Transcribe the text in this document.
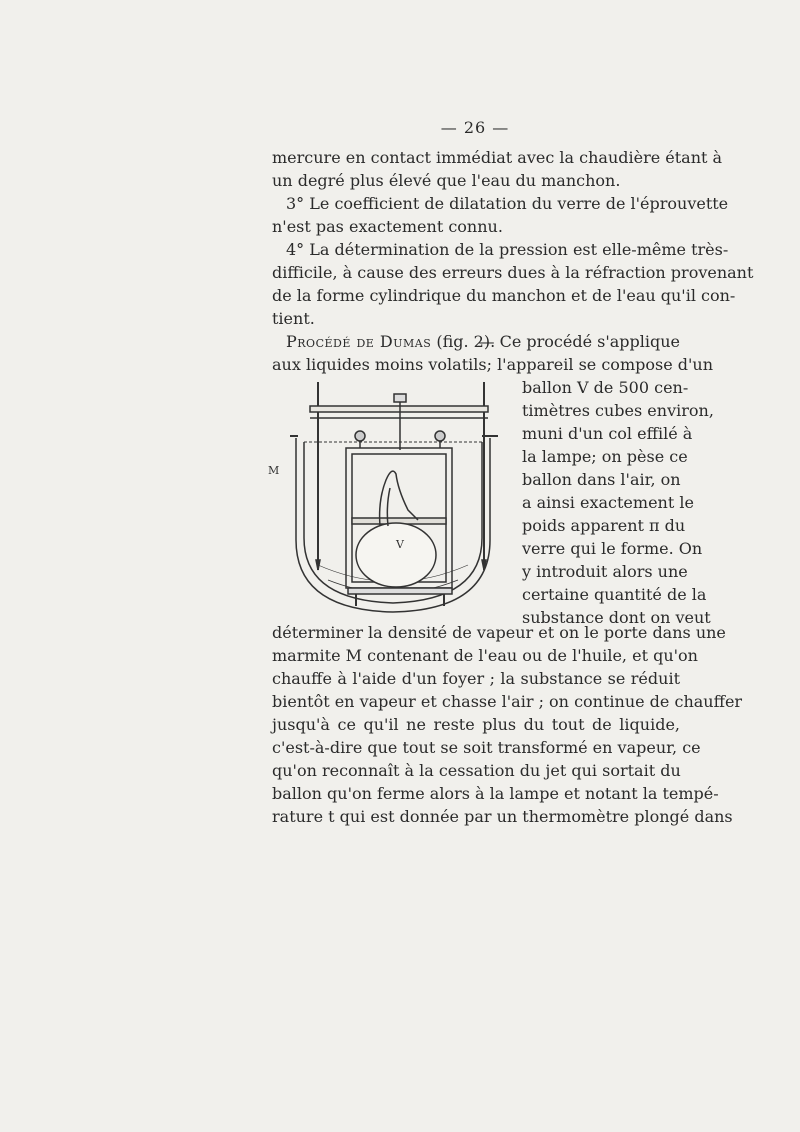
— 26 —
mercure en contact immédiat avec la chaudière étant à
un degré plus élevé que l'eau du manchon.
3° Le coefficient de dilatation du verre de l'éprouvette
n'est pas exactement connu.
4° La détermination de la pression est elle-même très-
difficile, à cause des erreurs dues à la réfraction provenant
de la forme cylindrique du manchon et de l'eau qu'il con-
tient.
Procédé de Dumas (fig. 2).
— Ce procédé s'applique
aux liquides moins volatils; l'appareil se compose d'un
M
V
ballon V de 500 cen-
timètres cubes environ,
muni d'un col effilé à
la lampe; on pèse ce
ballon dans l'air, on
a ainsi exactement le
poids apparent π du
verre qui le forme. On
y introduit alors une
certaine quantité de la
substance dont on veut
déterminer la densité de vapeur et on le porte dans une
marmite M contenant de l'eau ou de l'huile, et qu'on
chauffe à l'aide d'un foyer ; la substance se réduit
bientôt en vapeur et chasse l'air ; on continue de chauffer
jusqu'à ce qu'il ne reste plus du tout de liquide,
c'est-à-dire que tout se soit transformé en vapeur, ce
qu'on reconnaît à la cessation du jet qui sortait du
ballon qu'on ferme alors à la lampe et notant la tempé-
rature t qui est donnée par un thermomètre plongé dans
